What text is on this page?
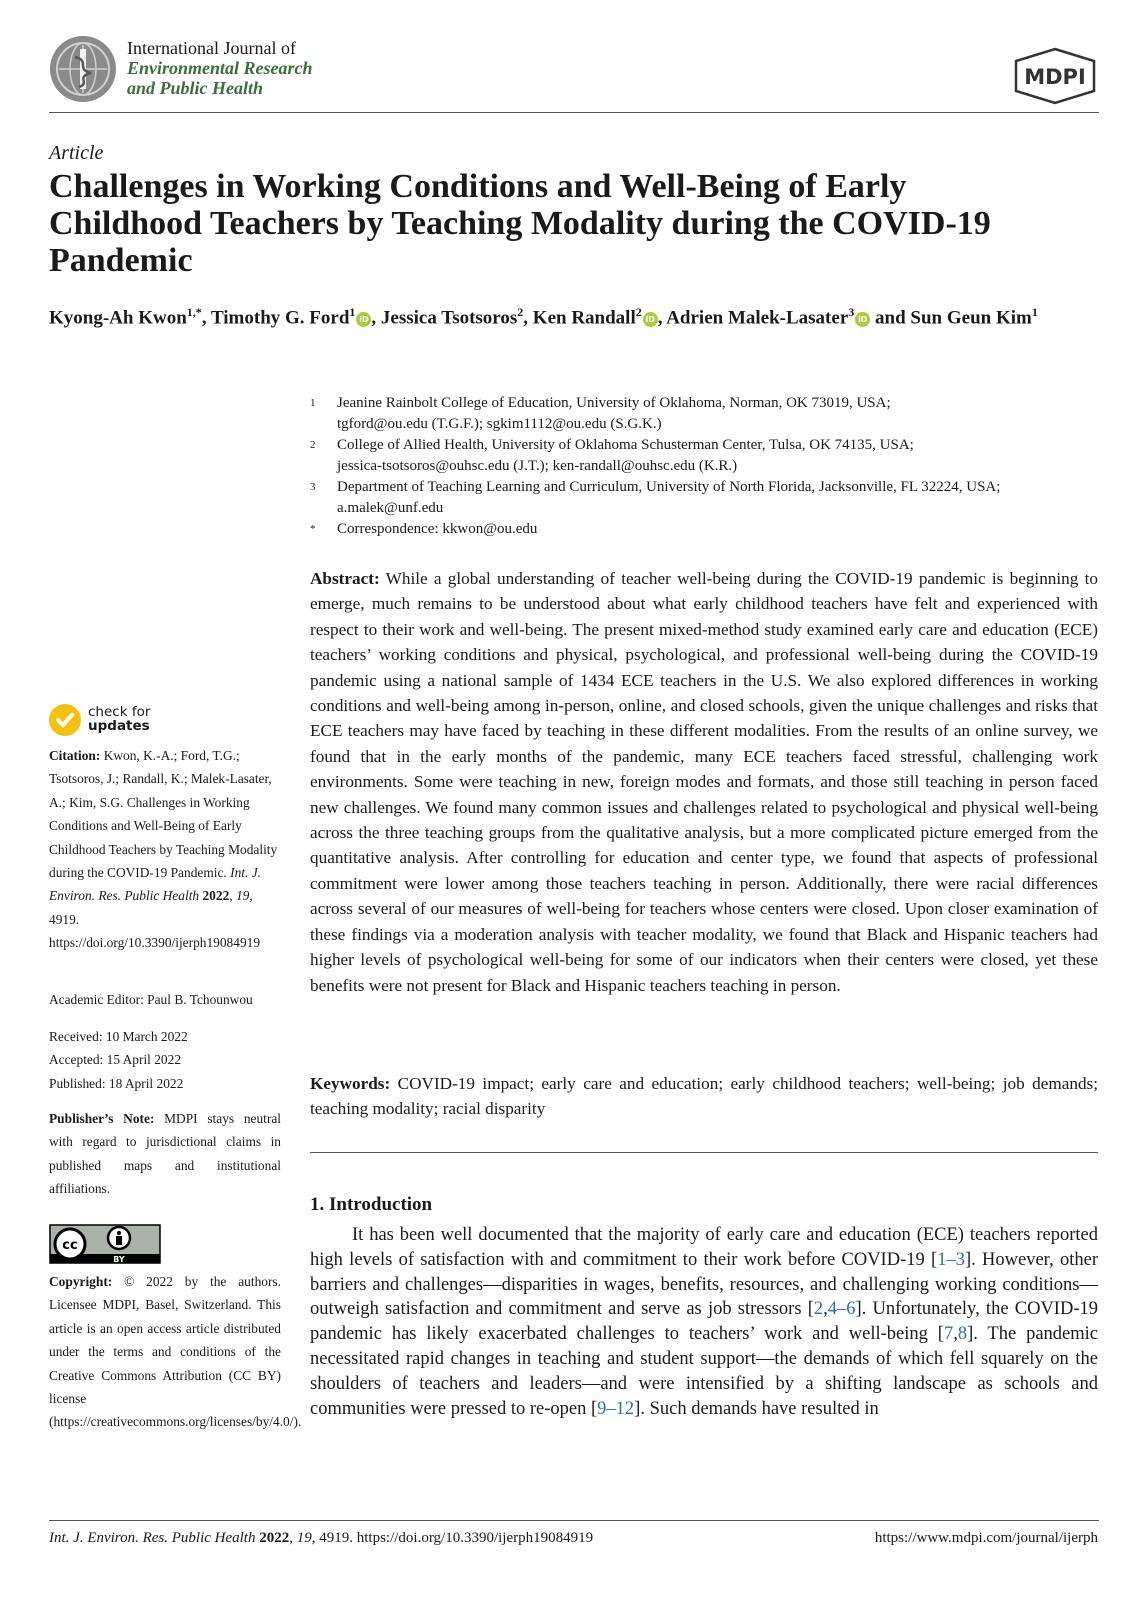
International Journal of
Environmental Research
and Public Health	MDPI
Article
Challenges in Working Conditions and Well-Being of Early Childhood Teachers by Teaching Modality during the COVID-19 Pandemic
Kyong-Ah Kwon$^{1,*}$, Timothy G. Ford$^1$iD , Jessica Tsotsoros$^2$, Ken Randall$^2$iD , Adrien Malek-Lasater$^3$iD and Sun Geun Kim$^1$
1	Jeanine Rainbolt College of Education, University of Oklahoma, Norman, OK 73019, USA;
tgford@ou.edu (T.G.F.); sgkim1112@ou.edu (S.G.K.)
2	College of Allied Health, University of Oklahoma Schusterman Center, Tulsa, OK 74135, USA;
jessica-tsotsoros@ouhsc.edu (J.T.); ken-randall@ouhsc.edu (K.R.)
3	Department of Teaching Learning and Curriculum, University of North Florida, Jacksonville, FL 32224, USA;
a.malek@unf.edu
*	Correspondence: kkwon@ou.edu
Abstract: While a global understanding of teacher well-being during the COVID-19 pandemic is beginning to emerge, much remains to be understood about what early childhood teachers have felt and experienced with respect to their work and well-being. The present mixed-method study examined early care and education (ECE) teachers’ working conditions and physical, psychological, and professional well-being during the COVID-19 pandemic using a national sample of 1434 ECE teachers in the U.S. We also explored differences in working conditions and well-being among in-person, online, and closed schools, given the unique challenges and risks that ECE teachers may have faced by teaching in these different modalities. From the results of an online survey, we found that in the early months of the pandemic, many ECE teachers faced stressful, challenging work environments. Some were teaching in new, foreign modes and formats, and those still teaching in person faced new challenges. We found many common issues and challenges related to psychological and physical well-being across the three teaching groups from the qualitative analysis, but a more complicated picture emerged from the quantitative analysis. After controlling for education and center type, we found that aspects of professional commitment were lower among those teachers teaching in person. Additionally, there were racial differences across several of our measures of well-being for teachers whose centers were closed. Upon closer examination of these findings via a moderation analysis with teacher modality, we found that Black and Hispanic teachers had higher levels of psychological well-being for some of our indicators when their centers were closed, yet these benefits were not present for Black and Hispanic teachers teaching in person.
Keywords: COVID-19 impact; early care and education; early childhood teachers; well-being; job demands; teaching modality; racial disparity
1. Introduction
It has been well documented that the majority of early care and education (ECE) teachers reported high levels of satisfaction with and commitment to their work before COVID-19 [1–3]. However, other barriers and challenges—disparities in wages, benefits, resources, and challenging working conditions—outweigh satisfaction and commitment and serve as job stressors [2,4–6]. Unfortunately, the COVID-19 pandemic has likely exacerbated challenges to teachers’ work and well-being [7,8]. The pandemic necessitated rapid changes in teaching and student support—the demands of which fell squarely on the shoulders of teachers and leaders—and were intensified by a shifting landscape as schools and communities were pressed to re-open [9–12]. Such demands have resulted in
check for
updates
Citation: Kwon, K.-A.; Ford, T.G.; Tsotsoros, J.; Randall, K.; Malek-Lasater, A.; Kim, S.G. Challenges in Working Conditions and Well-Being of Early Childhood Teachers by Teaching Modality during the COVID-19 Pandemic. Int. J. Environ. Res. Public Health 2022, 19, 4919. https://doi.org/10.3390/ijerph19084919
Academic Editor: Paul B. Tchounwou
Received: 10 March 2022
Accepted: 15 April 2022
Published: 18 April 2022
Publisher’s Note: MDPI stays neutral with regard to jurisdictional claims in published maps and institutional affiliations.
cc
BY
Copyright: © 2022 by the authors. Licensee MDPI, Basel, Switzerland. This article is an open access article distributed under the terms and conditions of the Creative Commons Attribution (CC BY) license (https://creativecommons.org/licenses/by/4.0/).
Int. J. Environ. Res. Public Health 2022, 19, 4919. https://doi.org/10.3390/ijerph19084919	https://www.mdpi.com/journal/ijerph
